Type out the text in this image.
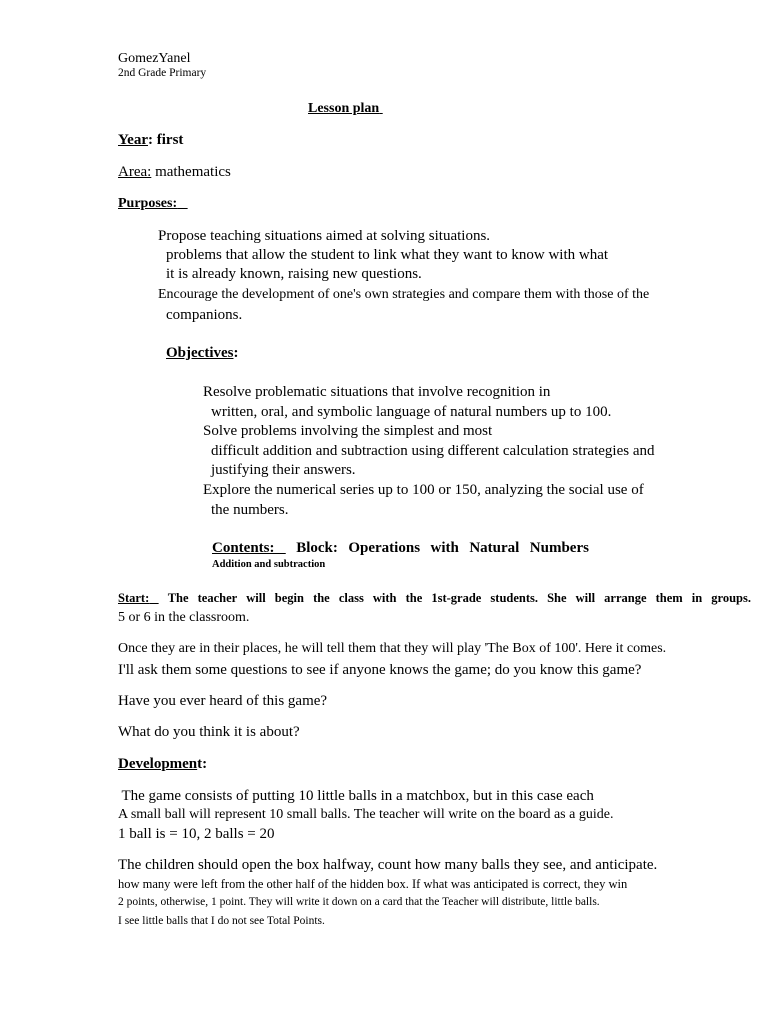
GomezYanel
2nd Grade Primary
Lesson plan
Year: first
Area: mathematics
Purposes:
Propose teaching situations aimed at solving situations.
problems that allow the student to link what they want to know with what
it is already known, raising new questions.
Encourage the development of one's own strategies and compare them with those of the
companions.
Objectives:
Resolve problematic situations that involve recognition in
written, oral, and symbolic language of natural numbers up to 100.
Solve problems involving the simplest and most
difficult addition and subtraction using different calculation strategies and
justifying their answers.
Explore the numerical series up to 100 or 150, analyzing the social use of
the numbers.
Contents:	Block: Operations with Natural Numbers
Addition and subtraction
Start:	The teacher will begin the class with the 1st-grade students. She will arrange them in groups.
5 or 6 in the classroom.
Once they are in their places, he will tell them that they will play 'The Box of 100'. Here it comes.
I'll ask them some questions to see if anyone knows the game; do you know this game?
Have you ever heard of this game?
What do you think it is about?
Development:
The game consists of putting 10 little balls in a matchbox, but in this case each
A small ball will represent 10 small balls. The teacher will write on the board as a guide.
1 ball is = 10, 2 balls = 20
The children should open the box halfway, count how many balls they see, and anticipate.
how many were left from the other half of the hidden box. If what was anticipated is correct, they win
2 points, otherwise, 1 point. They will write it down on a card that the Teacher will distribute, little balls.
I see little balls that I do not see Total Points.
